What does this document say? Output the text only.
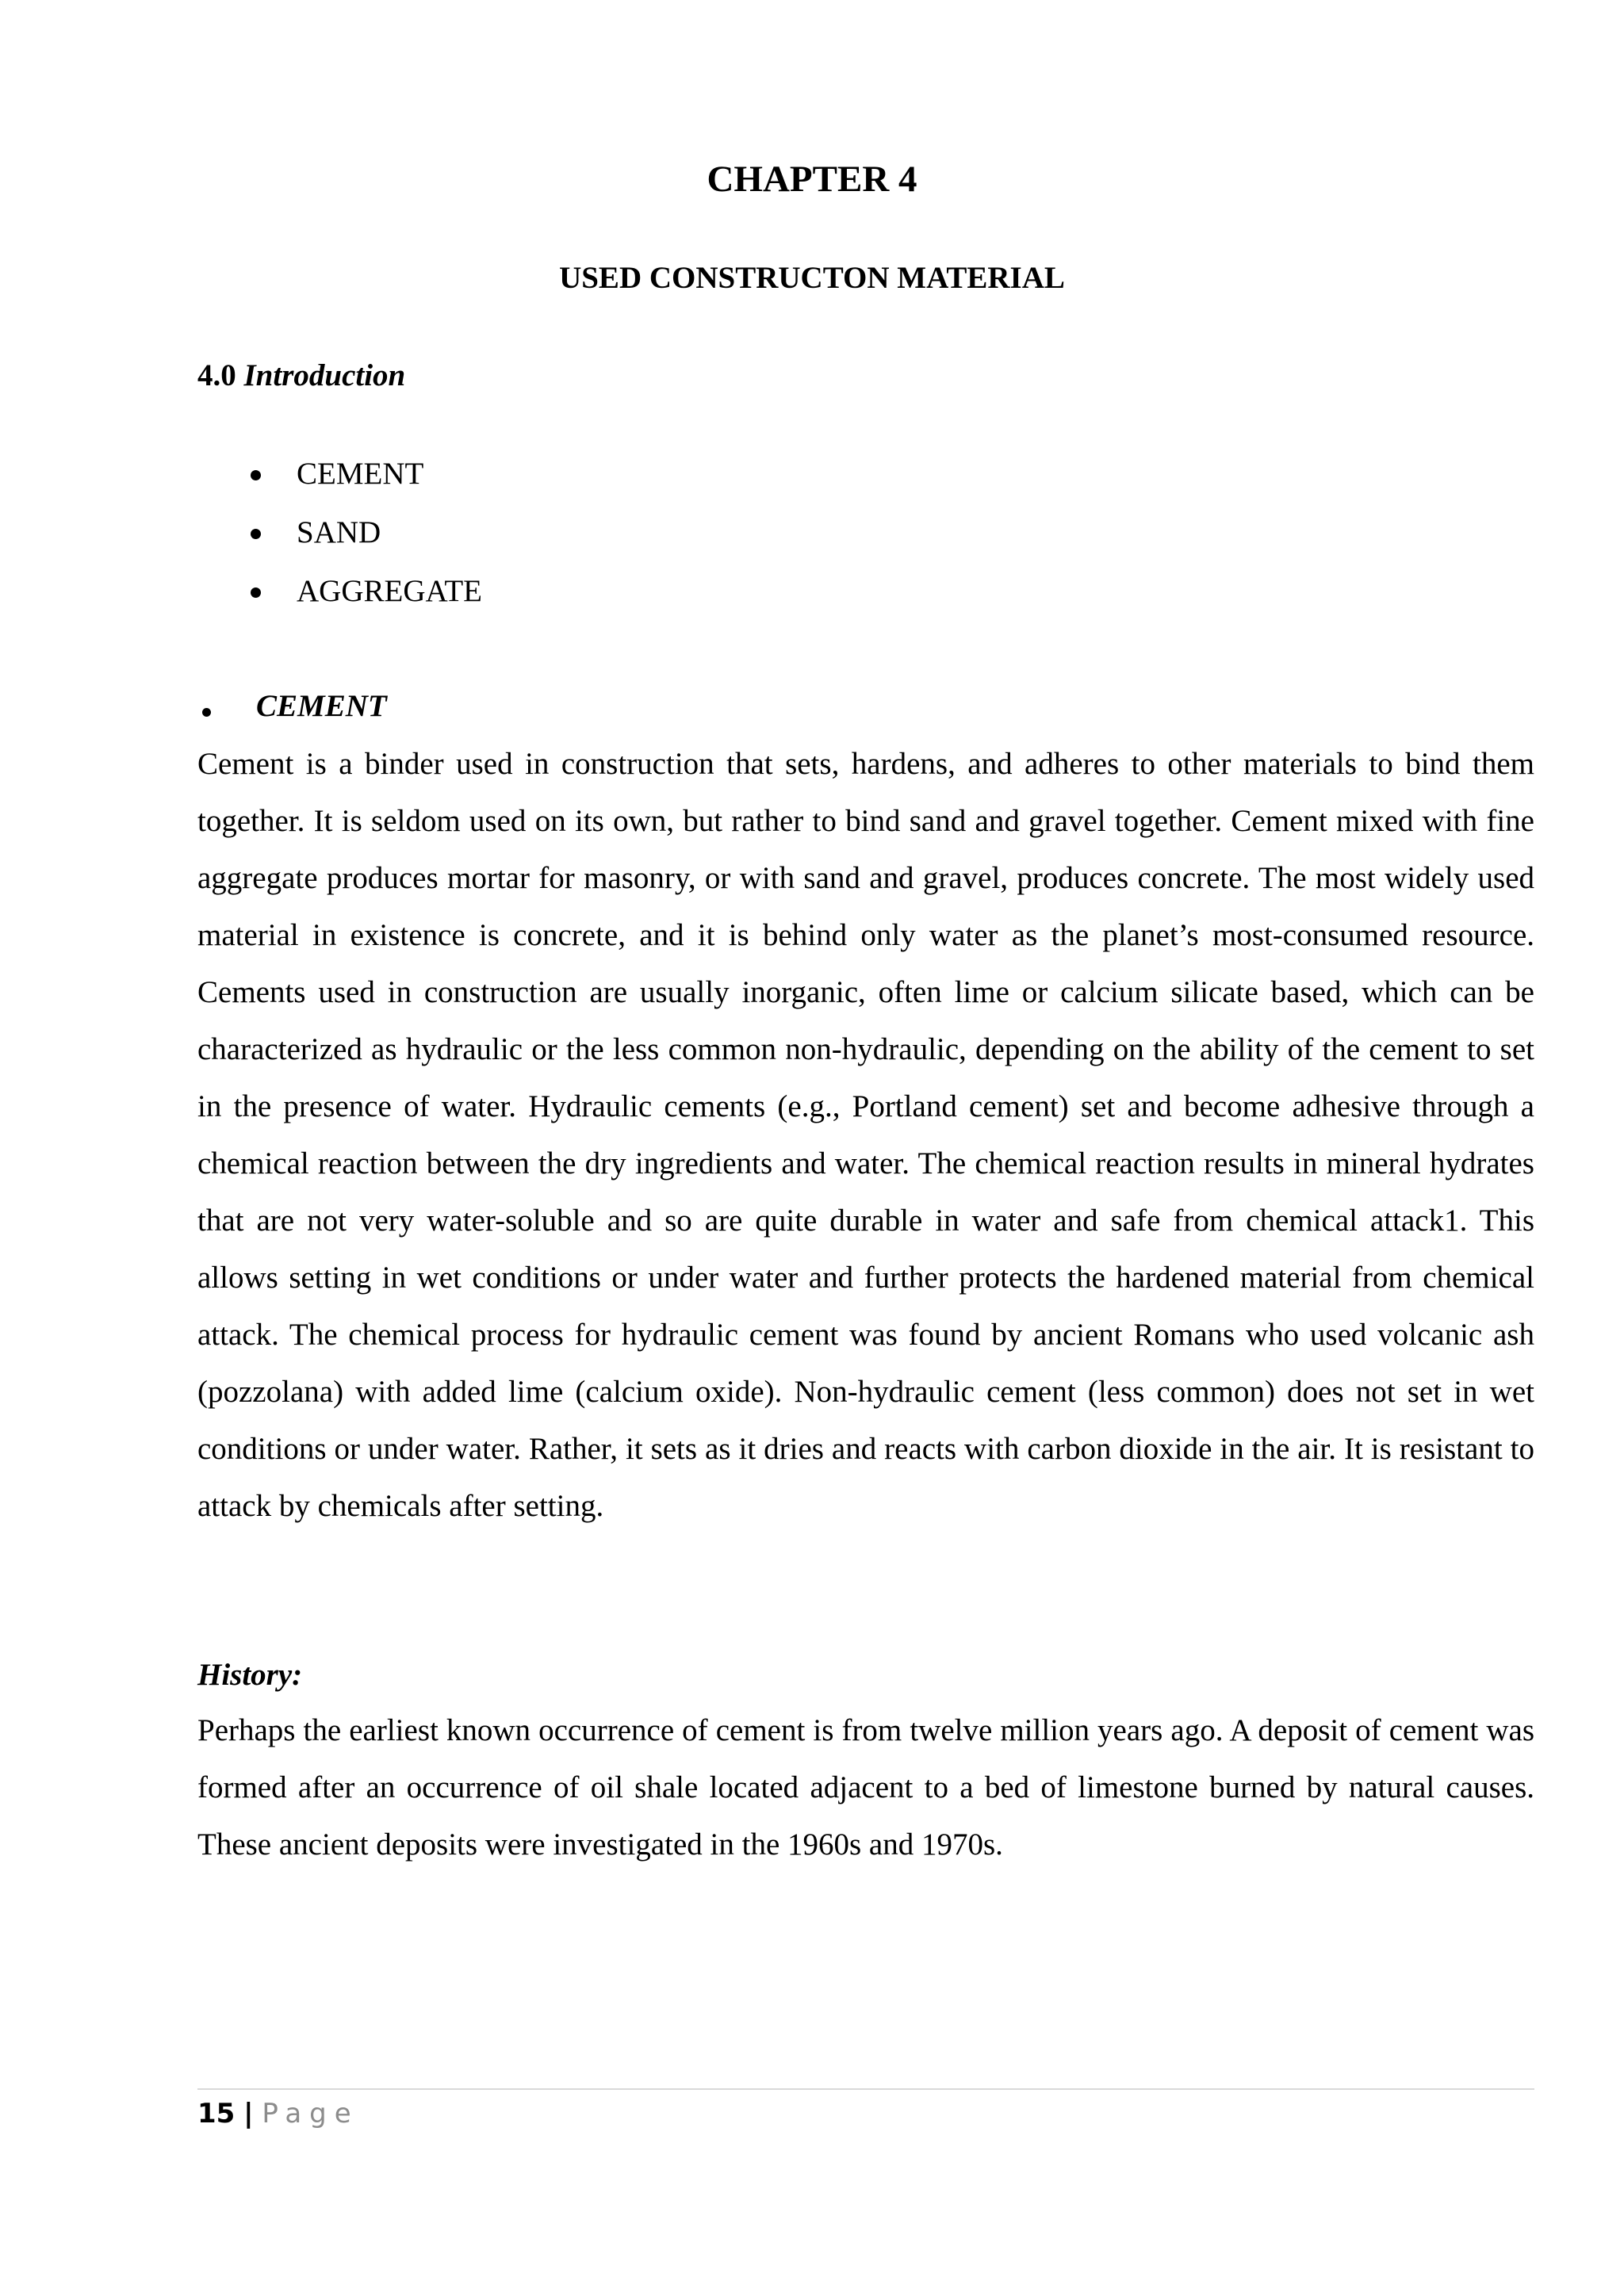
CHAPTER 4
USED CONSTRUCTON MATERIAL
4.0 Introduction
CEMENT
SAND
AGGREGATE
CEMENT

Cement is a binder used in construction that sets, hardens, and adheres to other materials to bind them together. It is seldom used on its own, but rather to bind sand and gravel together. Cement mixed with fine aggregate produces mortar for masonry, or with sand and gravel, produces concrete. The most widely used material in existence is concrete, and it is behind only water as the planet’s most-consumed resource. Cements used in construction are usually inorganic, often lime or calcium silicate based, which can be characterized as hydraulic or the less common non-hydraulic, depending on the ability of the cement to set in the presence of water. Hydraulic cements (e.g., Portland cement) set and become adhesive through a chemical reaction between the dry ingredients and water. The chemical reaction results in mineral hydrates that are not very water-soluble and so are quite durable in water and safe from chemical attack1. This allows setting in wet conditions or under water and further protects the hardened material from chemical attack. The chemical process for hydraulic cement was found by ancient Romans who used volcanic ash (pozzolana) with added lime (calcium oxide). Non-hydraulic cement (less common) does not set in wet conditions or under water. Rather, it sets as it dries and reacts with carbon dioxide in the air. It is resistant to attack by chemicals after setting.

History:

Perhaps the earliest known occurrence of cement is from twelve million years ago. A deposit of cement was formed after an occurrence of oil shale located adjacent to a bed of limestone burned by natural causes. These ancient deposits were investigated in the 1960s and 1970s.

15 | Page
